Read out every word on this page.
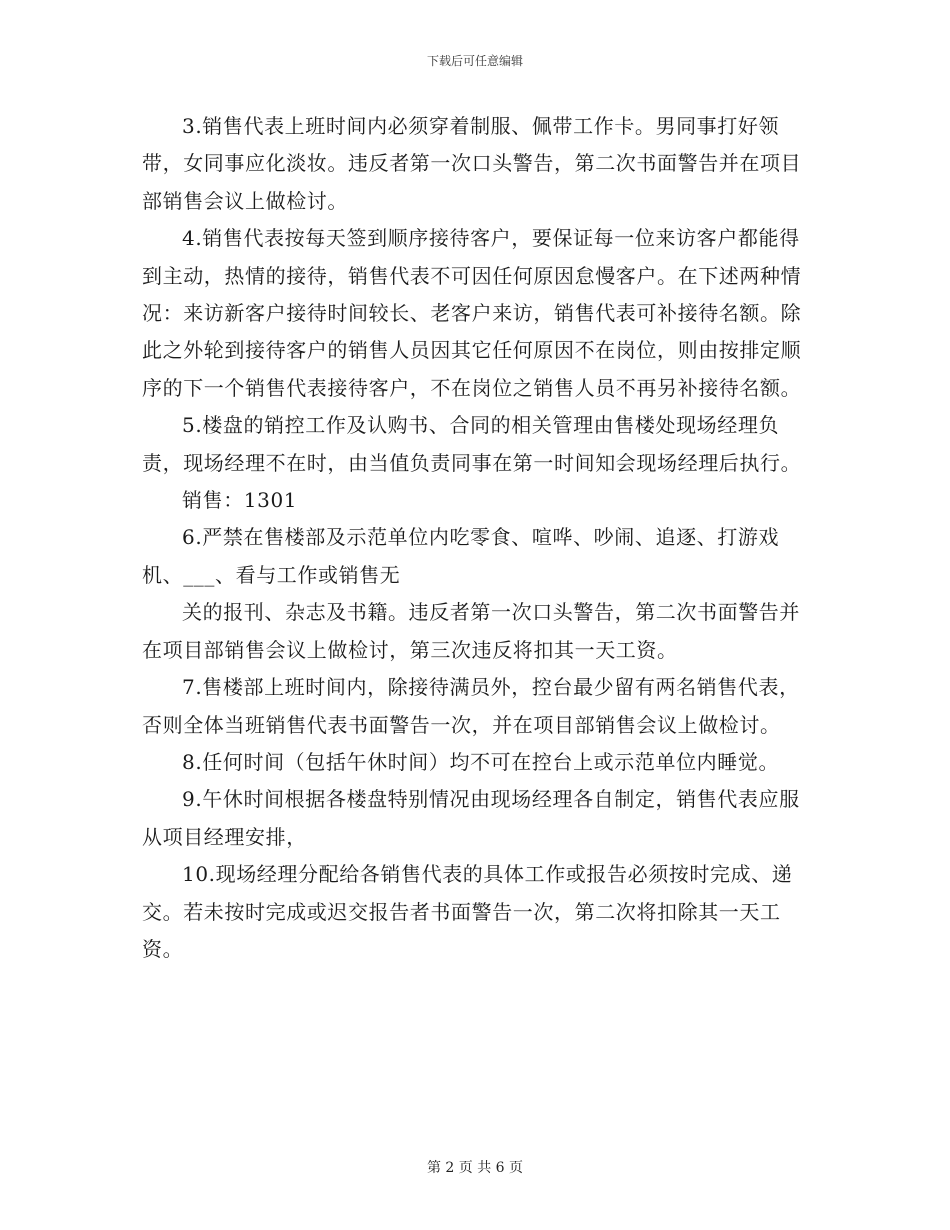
下载后可任意编辑

3.销售代表上班时间内必须穿着制服、佩带工作卡。男同事打好领带，女同事应化淡妆。违反者第一次口头警告，第二次书面警告并在项目部销售会议上做检讨。

4.销售代表按每天签到顺序接待客户，要保证每一位来访客户都能得到主动，热情的接待，销售代表不可因任何原因怠慢客户。在下述两种情况：来访新客户接待时间较长、老客户来访，销售代表可补接待名额。除此之外轮到接待客户的销售人员因其它任何原因不在岗位，则由按排定顺序的下一个销售代表接待客户，不在岗位之销售人员不再另补接待名额。

5.楼盘的销控工作及认购书、合同的相关管理由售楼处现场经理负责，现场经理不在时，由当值负责同事在第一时间知会现场经理后执行。

销售：1301

6.严禁在售楼部及示范单位内吃零食、喧哗、吵闹、追逐、打游戏机、___、看与工作或销售无

关的报刊、杂志及书籍。违反者第一次口头警告，第二次书面警告并在项目部销售会议上做检讨，第三次违反将扣其一天工资。

7.售楼部上班时间内，除接待满员外，控台最少留有两名销售代表，否则全体当班销售代表书面警告一次，并在项目部销售会议上做检讨。

8.任何时间（包括午休时间）均不可在控台上或示范单位内睡觉。

9.午休时间根据各楼盘特别情况由现场经理各自制定，销售代表应服从项目经理安排，

10.现场经理分配给各销售代表的具体工作或报告必须按时完成、递交。若未按时完成或迟交报告者书面警告一次，第二次将扣除其一天工资。

第 2 页 共 6 页
